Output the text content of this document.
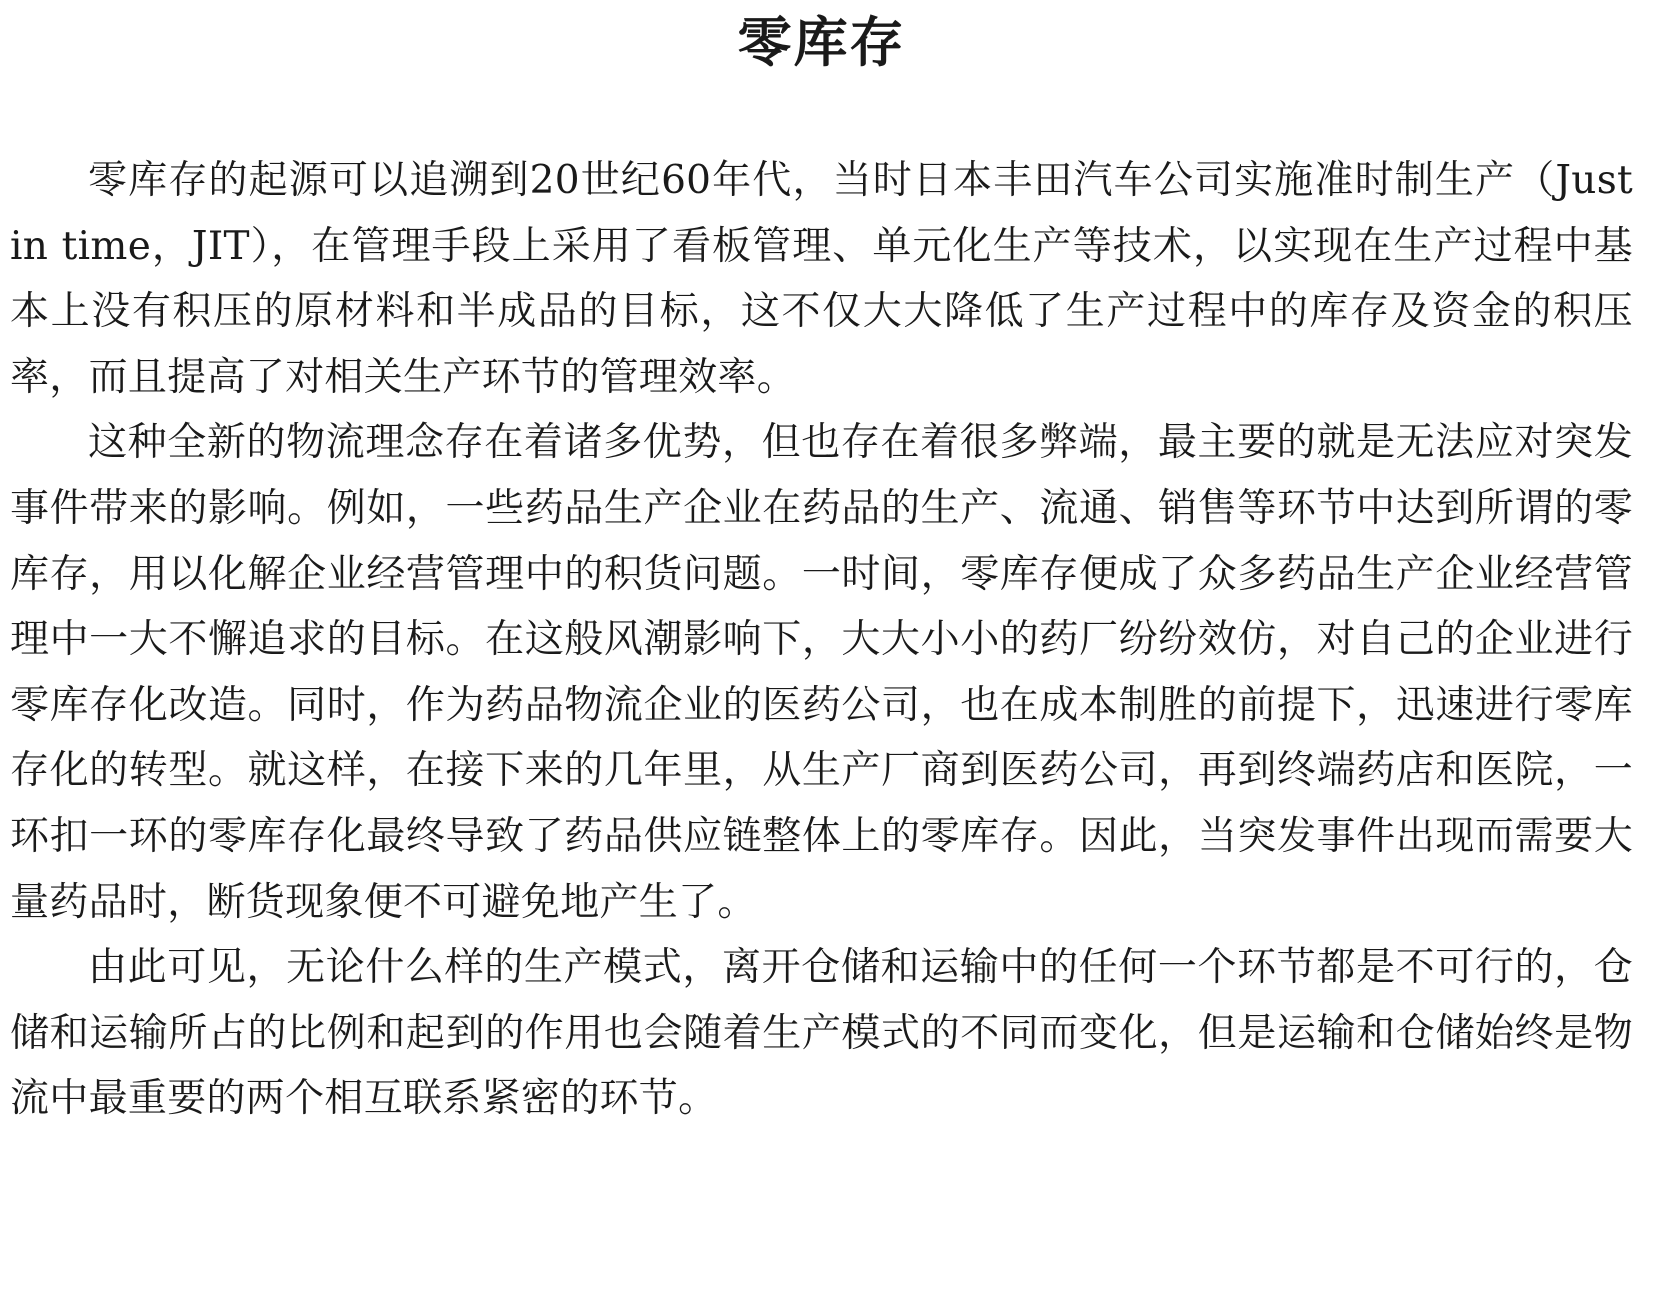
零库存

零库存的起源可以追溯到20世纪60年代，当时日本丰田汽车公司实施准时制生产（Just in time，JIT），在管理手段上采用了看板管理、单元化生产等技术，以实现在生产过程中基本上没有积压的原材料和半成品的目标，这不仅大大降低了生产过程中的库存及资金的积压率，而且提高了对相关生产环节的管理效率。

这种全新的物流理念存在着诸多优势，但也存在着很多弊端，最主要的就是无法应对突发事件带来的影响。例如，一些药品生产企业在药品的生产、流通、销售等环节中达到所谓的零库存，用以化解企业经营管理中的积货问题。一时间，零库存便成了众多药品生产企业经营管理中一大不懈追求的目标。在这般风潮影响下，大大小小的药厂纷纷效仿，对自己的企业进行零库存化改造。同时，作为药品物流企业的医药公司，也在成本制胜的前提下，迅速进行零库存化的转型。就这样，在接下来的几年里，从生产厂商到医药公司，再到终端药店和医院，一环扣一环的零库存化最终导致了药品供应链整体上的零库存。因此，当突发事件出现而需要大量药品时，断货现象便不可避免地产生了。

由此可见，无论什么样的生产模式，离开仓储和运输中的任何一个环节都是不可行的，仓储和运输所占的比例和起到的作用也会随着生产模式的不同而变化，但是运输和仓储始终是物流中最重要的两个相互联系紧密的环节。
